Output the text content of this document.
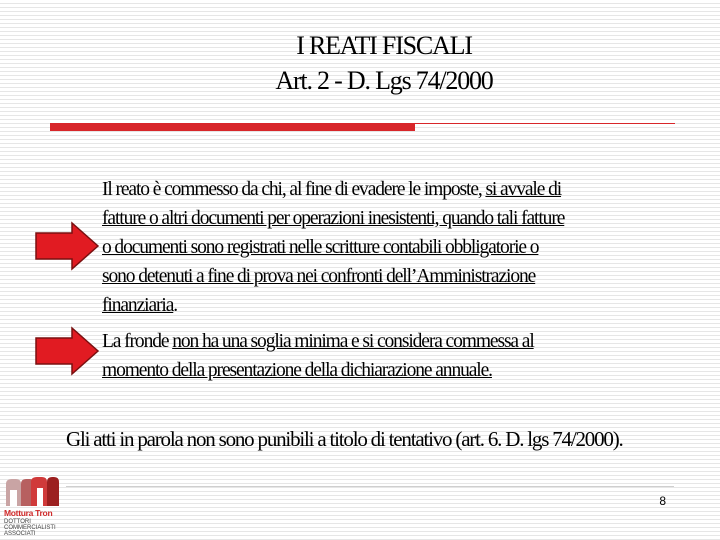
I REATI FISCALI
Art. 2 - D. Lgs 74/2000
Il reato è commesso da chi, al fine di evadere le imposte, si avvale di
fatture o altri documenti per operazioni inesistenti, quando tali fatture
o documenti sono registrati nelle scritture contabili obbligatorie o
sono detenuti a fine di prova nei confronti dell’Amministrazione
finanziaria.
La fronde non ha una soglia minima e si considera commessa al
momento della presentazione della dichiarazione annuale.
Gli atti in parola non sono punibili a titolo di tentativo (art. 6. D. lgs 74/2000).
8
Mottura Tron
DOTTORI
COMMERCIALISTI
ASSOCIATI
